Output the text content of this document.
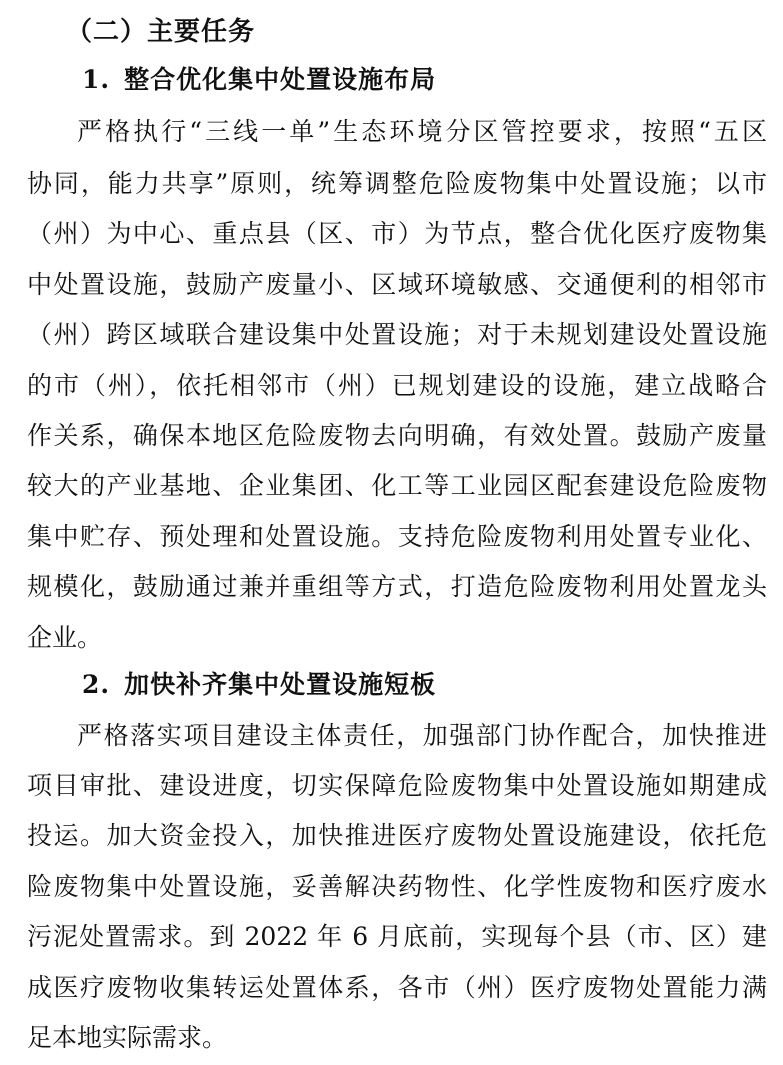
（二）主要任务
1. 整合优化集中处置设施布局
严格执行“三线一单”生态环境分区管控要求，按照“五区
协同，能力共享”原则，统筹调整危险废物集中处置设施；以市
（州）为中心、重点县（区、市）为节点，整合优化医疗废物集
中处置设施，鼓励产废量小、区域环境敏感、交通便利的相邻市
（州）跨区域联合建设集中处置设施；对于未规划建设处置设施
的市（州），依托相邻市（州）已规划建设的设施，建立战略合
作关系，确保本地区危险废物去向明确，有效处置。鼓励产废量
较大的产业基地、企业集团、化工等工业园区配套建设危险废物
集中贮存、预处理和处置设施。支持危险废物利用处置专业化、
规模化，鼓励通过兼并重组等方式，打造危险废物利用处置龙头
企业。
2. 加快补齐集中处置设施短板
严格落实项目建设主体责任，加强部门协作配合，加快推进
项目审批、建设进度，切实保障危险废物集中处置设施如期建成
投运。加大资金投入，加快推进医疗废物处置设施建设，依托危
险废物集中处置设施，妥善解决药物性、化学性废物和医疗废水
污泥处置需求。到 2022 年 6 月底前，实现每个县（市、区）建
成医疗废物收集转运处置体系，各市（州）医疗废物处置能力满
足本地实际需求。
